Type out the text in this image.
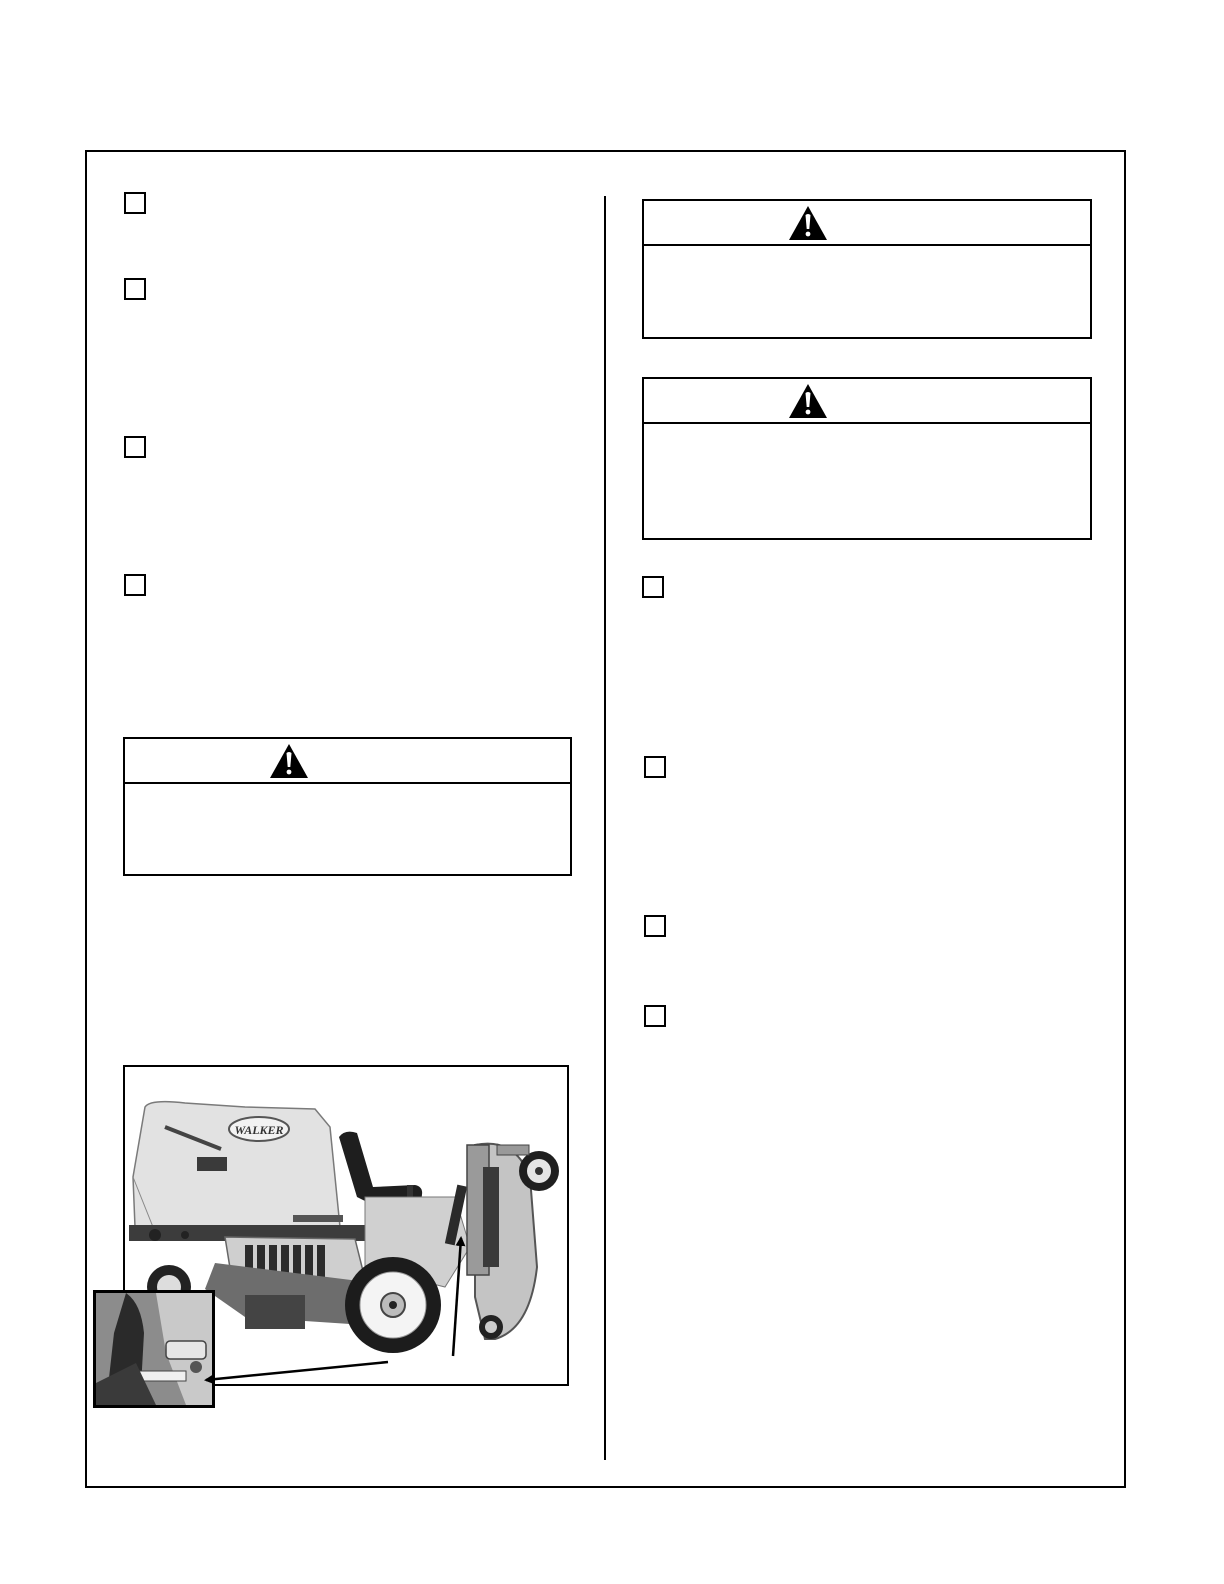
WALKER
